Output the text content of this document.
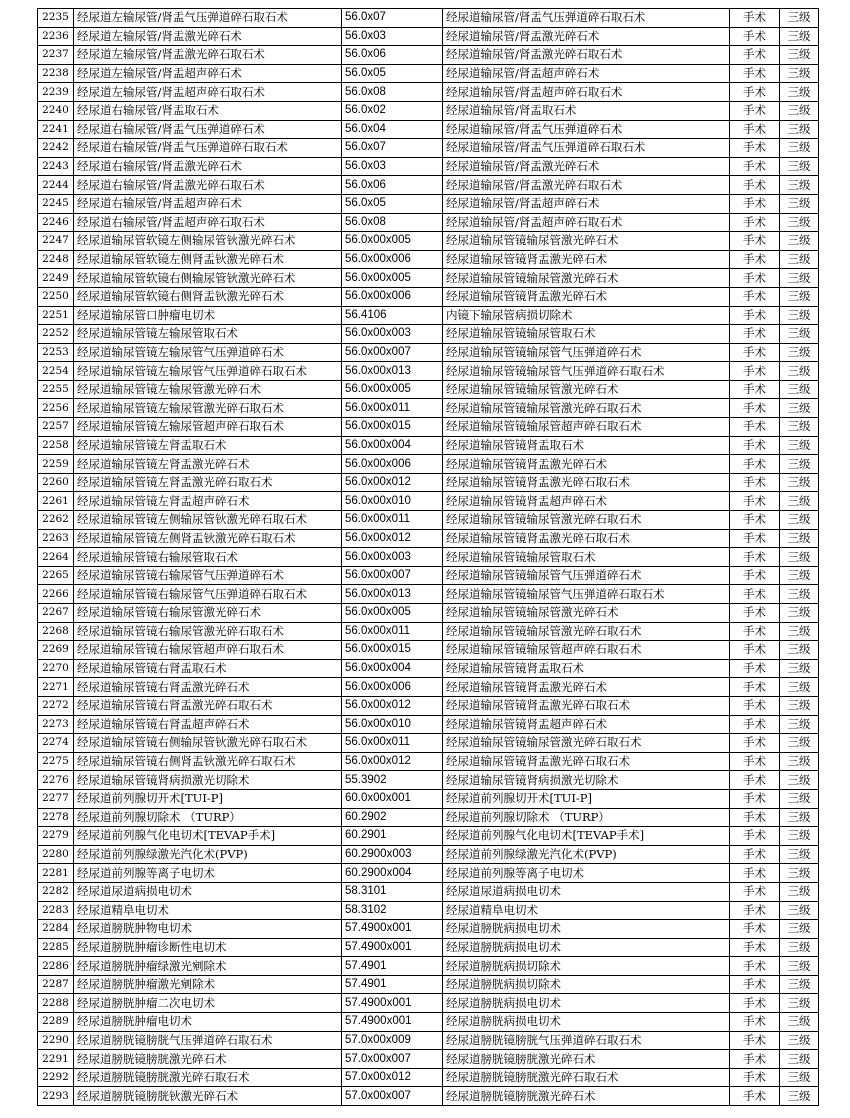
2235	经尿道左输尿管/肾盂气压弹道碎石取石术	56.0x07	经尿道输尿管/肾盂气压弹道碎石取石术	手术	三级
2236	经尿道左输尿管/肾盂激光碎石术	56.0x03	经尿道输尿管/肾盂激光碎石术	手术	三级
2237	经尿道左输尿管/肾盂激光碎石取石术	56.0x06	经尿道输尿管/肾盂激光碎石取石术	手术	三级
2238	经尿道左输尿管/肾盂超声碎石术	56.0x05	经尿道输尿管/肾盂超声碎石术	手术	三级
2239	经尿道左输尿管/肾盂超声碎石取石术	56.0x08	经尿道输尿管/肾盂超声碎石取石术	手术	三级
2240	经尿道右输尿管/肾盂取石术	56.0x02	经尿道输尿管/肾盂取石术	手术	三级
2241	经尿道右输尿管/肾盂气压弹道碎石术	56.0x04	经尿道输尿管/肾盂气压弹道碎石术	手术	三级
2242	经尿道右输尿管/肾盂气压弹道碎石取石术	56.0x07	经尿道输尿管/肾盂气压弹道碎石取石术	手术	三级
2243	经尿道右输尿管/肾盂激光碎石术	56.0x03	经尿道输尿管/肾盂激光碎石术	手术	三级
2244	经尿道右输尿管/肾盂激光碎石取石术	56.0x06	经尿道输尿管/肾盂激光碎石取石术	手术	三级
2245	经尿道右输尿管/肾盂超声碎石术	56.0x05	经尿道输尿管/肾盂超声碎石术	手术	三级
2246	经尿道右输尿管/肾盂超声碎石取石术	56.0x08	经尿道输尿管/肾盂超声碎石取石术	手术	三级
2247	经尿道输尿管软镜左侧输尿管钬激光碎石术	56.0x00x005	经尿道输尿管镜输尿管激光碎石术	手术	三级
2248	经尿道输尿管软镜左侧肾盂钬激光碎石术	56.0x00x006	经尿道输尿管镜肾盂激光碎石术	手术	三级
2249	经尿道输尿管软镜右侧输尿管钬激光碎石术	56.0x00x005	经尿道输尿管镜输尿管激光碎石术	手术	三级
2250	经尿道输尿管软镜右侧肾盂钬激光碎石术	56.0x00x006	经尿道输尿管镜肾盂激光碎石术	手术	三级
2251	经尿道输尿管口肿瘤电切术	56.4106	内镜下输尿管病损切除术	手术	三级
2252	经尿道输尿管镜左输尿管取石术	56.0x00x003	经尿道输尿管镜输尿管取石术	手术	三级
2253	经尿道输尿管镜左输尿管气压弹道碎石术	56.0x00x007	经尿道输尿管镜输尿管气压弹道碎石术	手术	三级
2254	经尿道输尿管镜左输尿管气压弹道碎石取石术	56.0x00x013	经尿道输尿管镜输尿管气压弹道碎石取石术	手术	三级
2255	经尿道输尿管镜左输尿管激光碎石术	56.0x00x005	经尿道输尿管镜输尿管激光碎石术	手术	三级
2256	经尿道输尿管镜左输尿管激光碎石取石术	56.0x00x011	经尿道输尿管镜输尿管激光碎石取石术	手术	三级
2257	经尿道输尿管镜左输尿管超声碎石取石术	56.0x00x015	经尿道输尿管镜输尿管超声碎石取石术	手术	三级
2258	经尿道输尿管镜左肾盂取石术	56.0x00x004	经尿道输尿管镜肾盂取石术	手术	三级
2259	经尿道输尿管镜左肾盂激光碎石术	56.0x00x006	经尿道输尿管镜肾盂激光碎石术	手术	三级
2260	经尿道输尿管镜左肾盂激光碎石取石术	56.0x00x012	经尿道输尿管镜肾盂激光碎石取石术	手术	三级
2261	经尿道输尿管镜左肾盂超声碎石术	56.0x00x010	经尿道输尿管镜肾盂超声碎石术	手术	三级
2262	经尿道输尿管镜左侧输尿管钬激光碎石取石术	56.0x00x011	经尿道输尿管镜输尿管激光碎石取石术	手术	三级
2263	经尿道输尿管镜左侧肾盂钬激光碎石取石术	56.0x00x012	经尿道输尿管镜肾盂激光碎石取石术	手术	三级
2264	经尿道输尿管镜右输尿管取石术	56.0x00x003	经尿道输尿管镜输尿管取石术	手术	三级
2265	经尿道输尿管镜右输尿管气压弹道碎石术	56.0x00x007	经尿道输尿管镜输尿管气压弹道碎石术	手术	三级
2266	经尿道输尿管镜右输尿管气压弹道碎石取石术	56.0x00x013	经尿道输尿管镜输尿管气压弹道碎石取石术	手术	三级
2267	经尿道输尿管镜右输尿管激光碎石术	56.0x00x005	经尿道输尿管镜输尿管激光碎石术	手术	三级
2268	经尿道输尿管镜右输尿管激光碎石取石术	56.0x00x011	经尿道输尿管镜输尿管激光碎石取石术	手术	三级
2269	经尿道输尿管镜右输尿管超声碎石取石术	56.0x00x015	经尿道输尿管镜输尿管超声碎石取石术	手术	三级
2270	经尿道输尿管镜右肾盂取石术	56.0x00x004	经尿道输尿管镜肾盂取石术	手术	三级
2271	经尿道输尿管镜右肾盂激光碎石术	56.0x00x006	经尿道输尿管镜肾盂激光碎石术	手术	三级
2272	经尿道输尿管镜右肾盂激光碎石取石术	56.0x00x012	经尿道输尿管镜肾盂激光碎石取石术	手术	三级
2273	经尿道输尿管镜右肾盂超声碎石术	56.0x00x010	经尿道输尿管镜肾盂超声碎石术	手术	三级
2274	经尿道输尿管镜右侧输尿管钬激光碎石取石术	56.0x00x011	经尿道输尿管镜输尿管激光碎石取石术	手术	三级
2275	经尿道输尿管镜右侧肾盂钬激光碎石取石术	56.0x00x012	经尿道输尿管镜肾盂激光碎石取石术	手术	三级
2276	经尿道输尿管镜肾病损激光切除术	55.3902	经尿道输尿管镜肾病损激光切除术	手术	三级
2277	经尿道前列腺切开术[TUI-P]	60.0x00x001	经尿道前列腺切开术[TUI-P]	手术	三级
2278	经尿道前列腺切除术 （TURP）	60.2902	经尿道前列腺切除术 （TURP）	手术	三级
2279	经尿道前列腺气化电切术[TEVAP手术]	60.2901	经尿道前列腺气化电切术[TEVAP手术]	手术	三级
2280	经尿道前列腺绿激光汽化术(PVP)	60.2900x003	经尿道前列腺绿激光汽化术(PVP)	手术	三级
2281	经尿道前列腺等离子电切术	60.2900x004	经尿道前列腺等离子电切术	手术	三级
2282	经尿道尿道病损电切术	58.3101	经尿道尿道病损电切术	手术	三级
2283	经尿道精阜电切术	58.3102	经尿道精阜电切术	手术	三级
2284	经尿道膀胱肿物电切术	57.4900x001	经尿道膀胱病损电切术	手术	三级
2285	经尿道膀胱肿瘤诊断性电切术	57.4900x001	经尿道膀胱病损电切术	手术	三级
2286	经尿道膀胱肿瘤绿激光剜除术	57.4901	经尿道膀胱病损切除术	手术	三级
2287	经尿道膀胱肿瘤激光剜除术	57.4901	经尿道膀胱病损切除术	手术	三级
2288	经尿道膀胱肿瘤二次电切术	57.4900x001	经尿道膀胱病损电切术	手术	三级
2289	经尿道膀胱肿瘤电切术	57.4900x001	经尿道膀胱病损电切术	手术	三级
2290	经尿道膀胱镜膀胱气压弹道碎石取石术	57.0x00x009	经尿道膀胱镜膀胱气压弹道碎石取石术	手术	三级
2291	经尿道膀胱镜膀胱激光碎石术	57.0x00x007	经尿道膀胱镜膀胱激光碎石术	手术	三级
2292	经尿道膀胱镜膀胱激光碎石取石术	57.0x00x012	经尿道膀胱镜膀胱激光碎石取石术	手术	三级
2293	经尿道膀胱镜膀胱钬激光碎石术	57.0x00x007	经尿道膀胱镜膀胱激光碎石术	手术	三级
